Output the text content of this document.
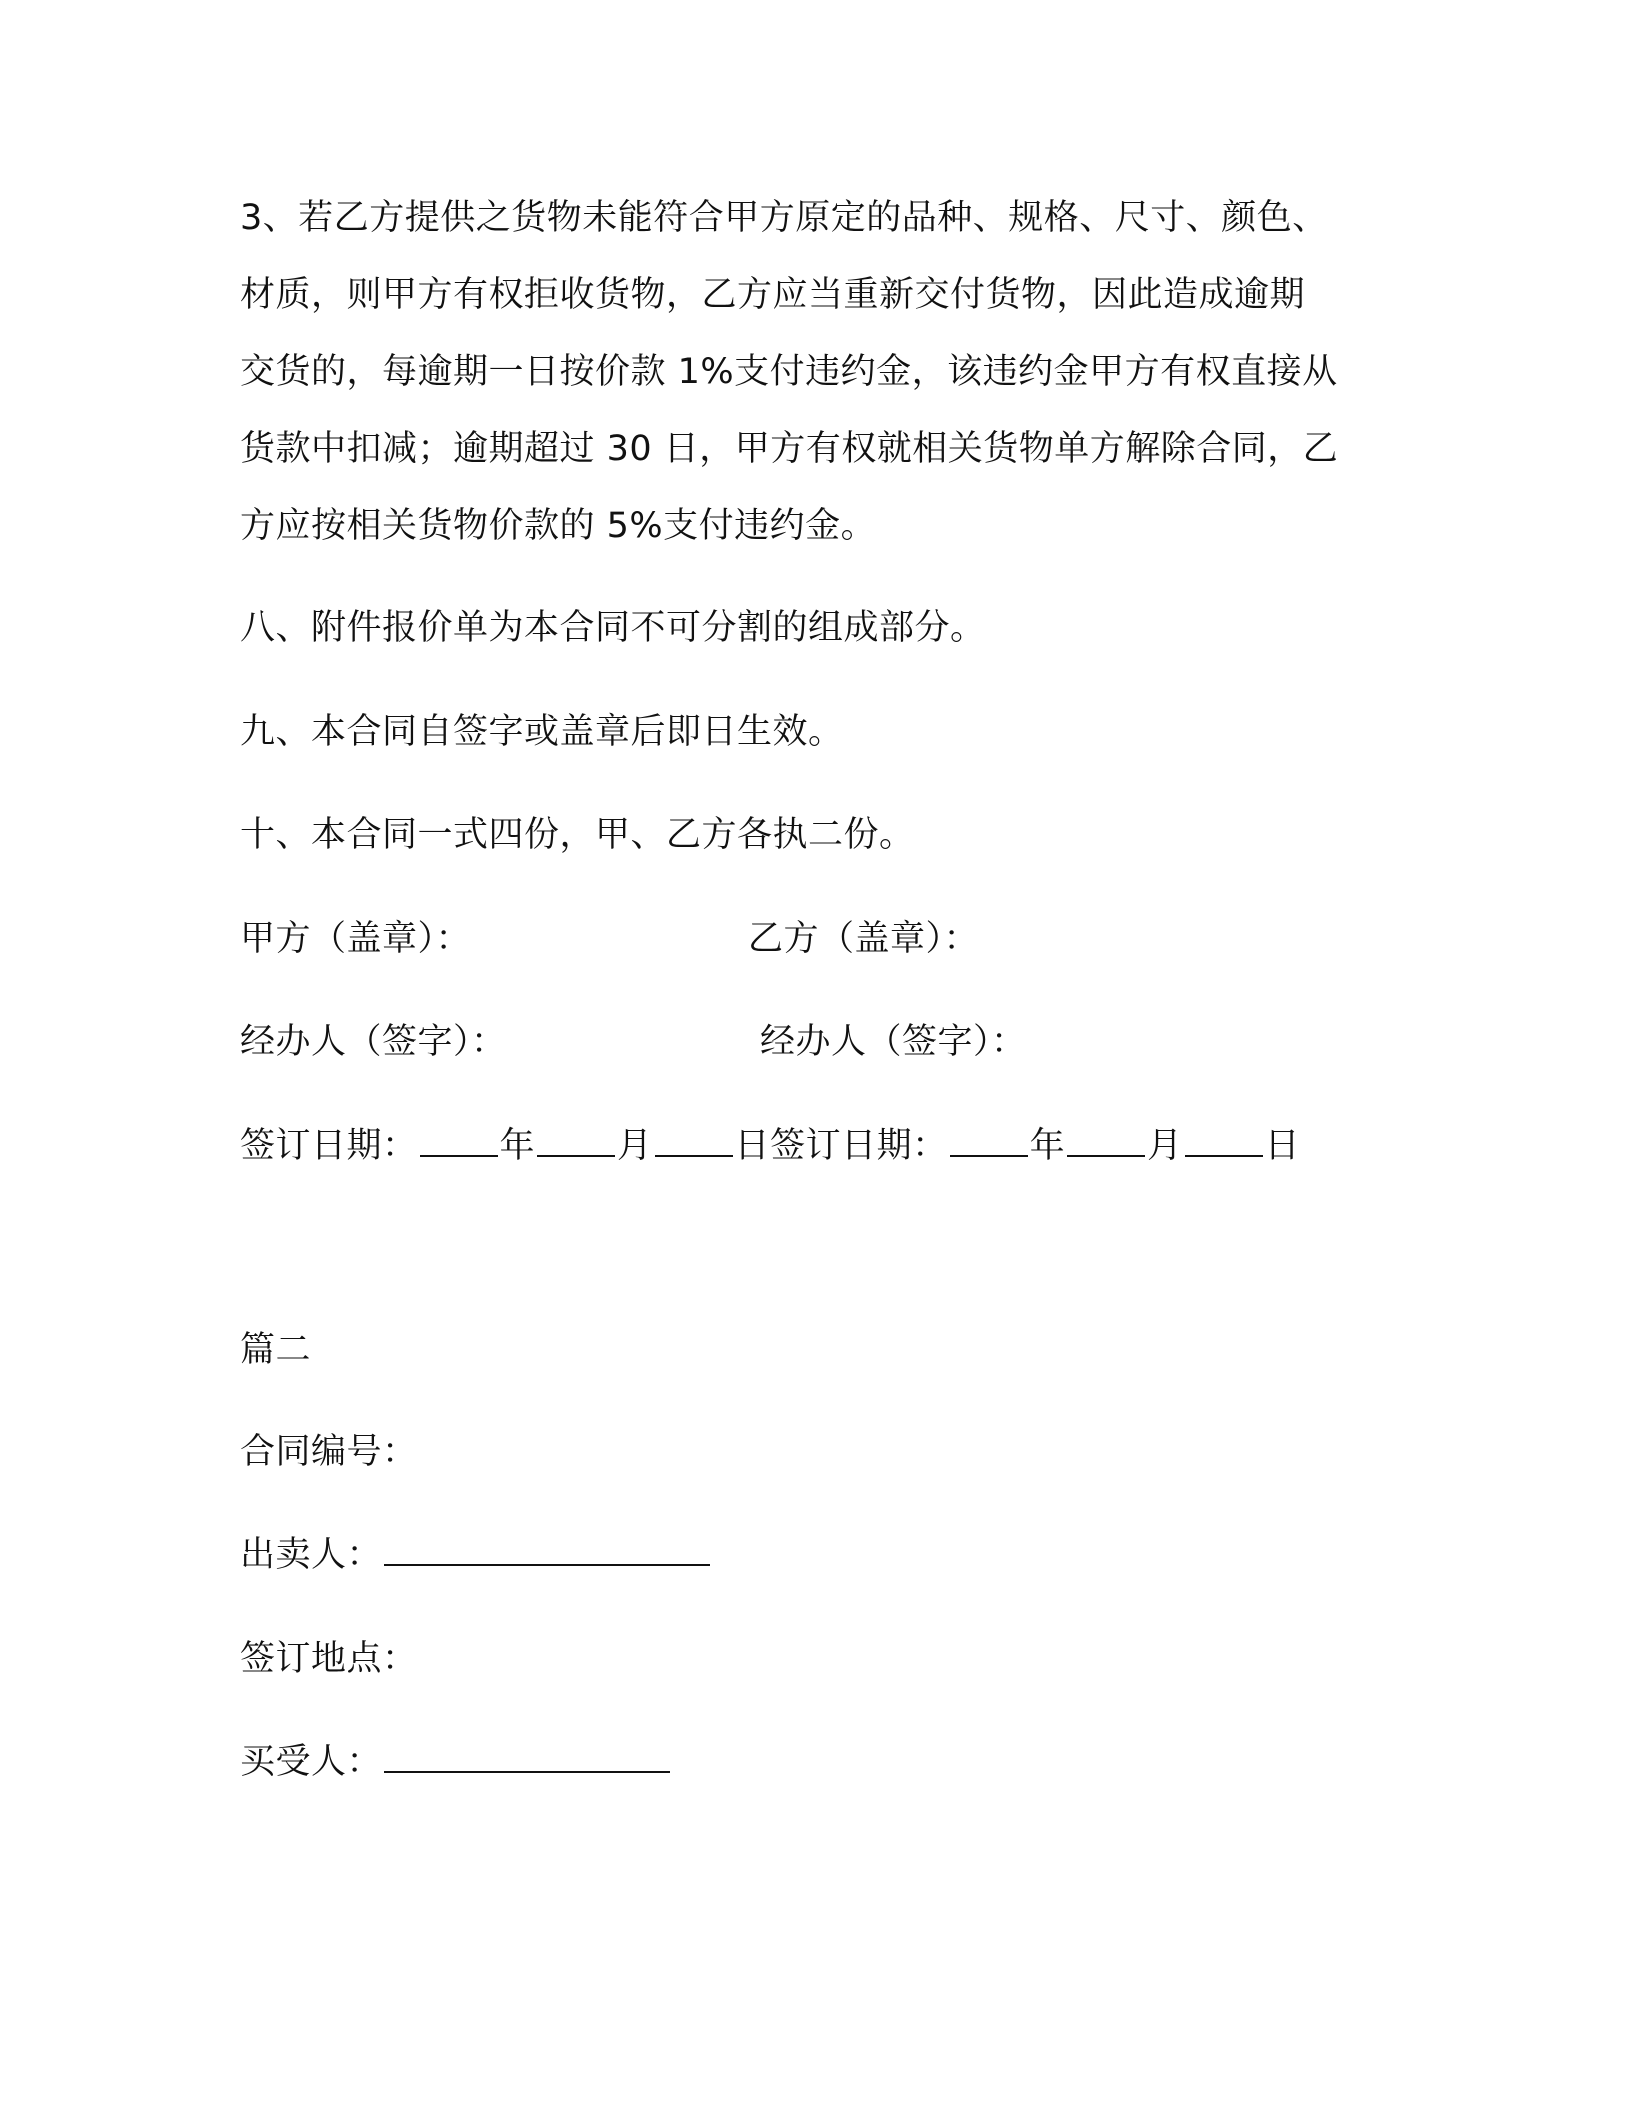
3、若乙方提供之货物未能符合甲方原定的品种、规格、尺寸、颜色、
材质，则甲方有权拒收货物，乙方应当重新交付货物，因此造成逾期
交货的，每逾期一日按价款 1%支付违约金，该违约金甲方有权直接从
货款中扣减；逾期超过 30 日，甲方有权就相关货物单方解除合同，乙
方应按相关货物价款的 5%支付违约金。
八、附件报价单为本合同不可分割的组成部分。
九、本合同自签字或盖章后即日生效。
十、本合同一式四份，甲、乙方各执二份。
甲方（盖章）：	乙方（盖章）：
经办人（签字）：	经办人（签字）：
签订日期： 年 月 日签订日期： 年 月 日
篇二
合同编号：
出卖人：
签订地点：
买受人：
